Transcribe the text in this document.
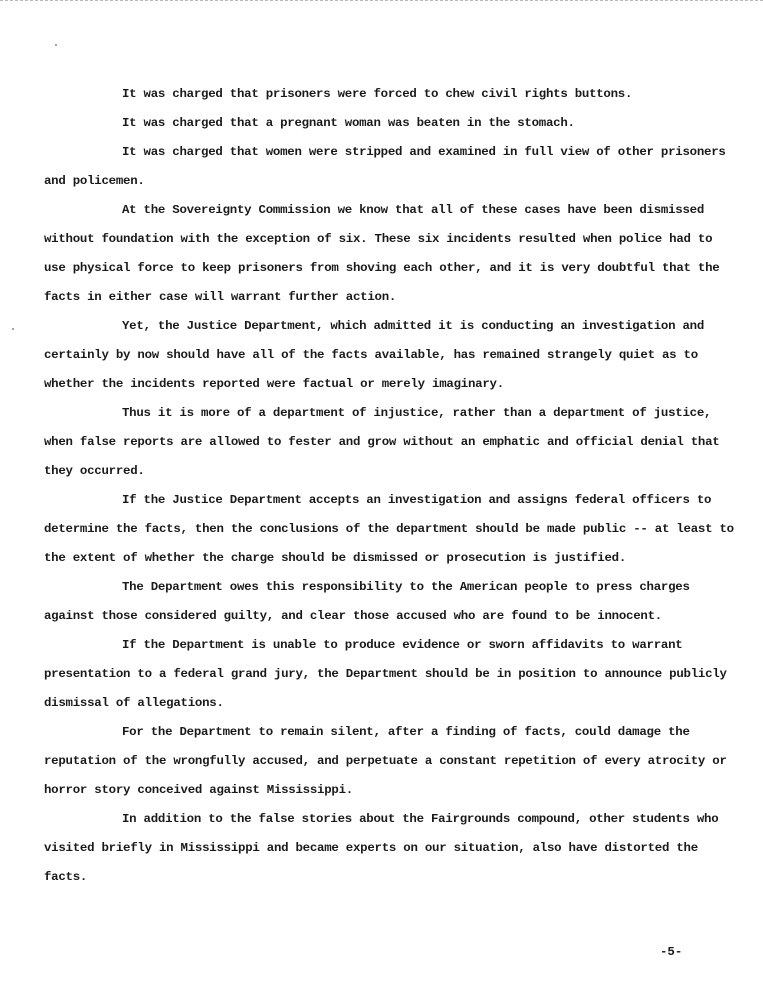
It was charged that prisoners were forced to chew civil rights buttons.

It was charged that a pregnant woman was beaten in the stomach.

It was charged that women were stripped and examined in full view of other prisoners and policemen.

At the Sovereignty Commission we know that all of these cases have been dismissed without foundation with the exception of six. These six incidents resulted when police had to use physical force to keep prisoners from shoving each other, and it is very doubtful that the facts in either case will warrant further action.

Yet, the Justice Department, which admitted it is conducting an investigation and certainly by now should have all of the facts available, has remained strangely quiet as to whether the incidents reported were factual or merely imaginary.

Thus it is more of a department of injustice, rather than a department of justice, when false reports are allowed to fester and grow without an emphatic and official denial that they occurred.

If the Justice Department accepts an investigation and assigns federal officers to determine the facts, then the conclusions of the department should be made public -- at least to the extent of whether the charge should be dismissed or prosecution is justified.

The Department owes this responsibility to the American people to press charges against those considered guilty, and clear those accused who are found to be innocent.

If the Department is unable to produce evidence or sworn affidavits to warrant presentation to a federal grand jury, the Department should be in position to announce publicly dismissal of allegations.

For the Department to remain silent, after a finding of facts, could damage the reputation of the wrongfully accused, and perpetuate a constant repetition of every atrocity or horror story conceived against Mississippi.

In addition to the false stories about the Fairgrounds compound, other students who visited briefly in Mississippi and became experts on our situation, also have distorted the facts.

-5-
